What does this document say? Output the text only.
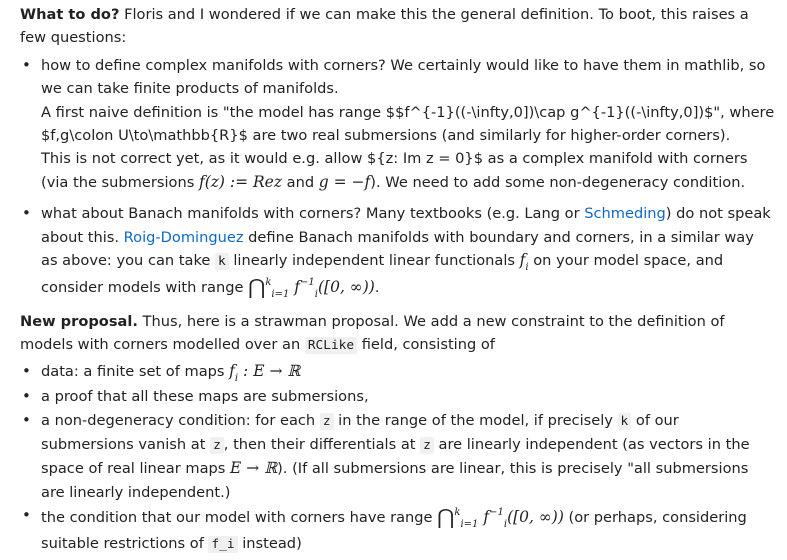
What to do? Floris and I wondered if we can make this the general definition. To boot, this raises a few questions:

• how to define complex manifolds with corners? We certainly would like to have them in mathlib, so we can take finite products of manifolds.
A first naive definition is "the model has range $$f^{-1}((-\infty,0])\cap g^{-1}((-\infty,0])$", where $f,g\colon U\to\mathbb{R}$ are two real submersions (and similarly for higher-order corners).
This is not correct yet, as it would e.g. allow ${z: Im z = 0}$ as a complex manifold with corners (via the submersions f(z) := Rez and g = −f). We need to add some non-degeneracy condition.
• what about Banach manifolds with corners? Many textbooks (e.g. Lang or Schmeding) do not speak about this. Roig-Dominguez define Banach manifolds with boundary and corners, in a similar way as above: you can take k linearly independent linear functionals $f_i$ on your model space, and consider models with range ⋂$^k_{i=1}$ $f^{-1}_i([0$, ∞)).

New proposal. Thus, here is a strawman proposal. We add a new constraint to the definition of models with corners modelled over an RCLike field, consisting of

• data: a finite set of maps $f_i$ : E → ℝ
• a proof that all these maps are submersions,
• a non-degeneracy condition: for each z in the range of the model, if precisely k of our submersions vanish at z , then their differentials at z are linearly independent (as vectors in the space of real linear maps E → ℝ). (If all submersions are linear, this is precisely "all submersions are linearly independent.)
• the condition that our model with corners have range ⋂$^k_{i=1}$ $f^{-1}_i([0$, ∞)) (or perhaps, considering suitable restrictions of f_i instead)
